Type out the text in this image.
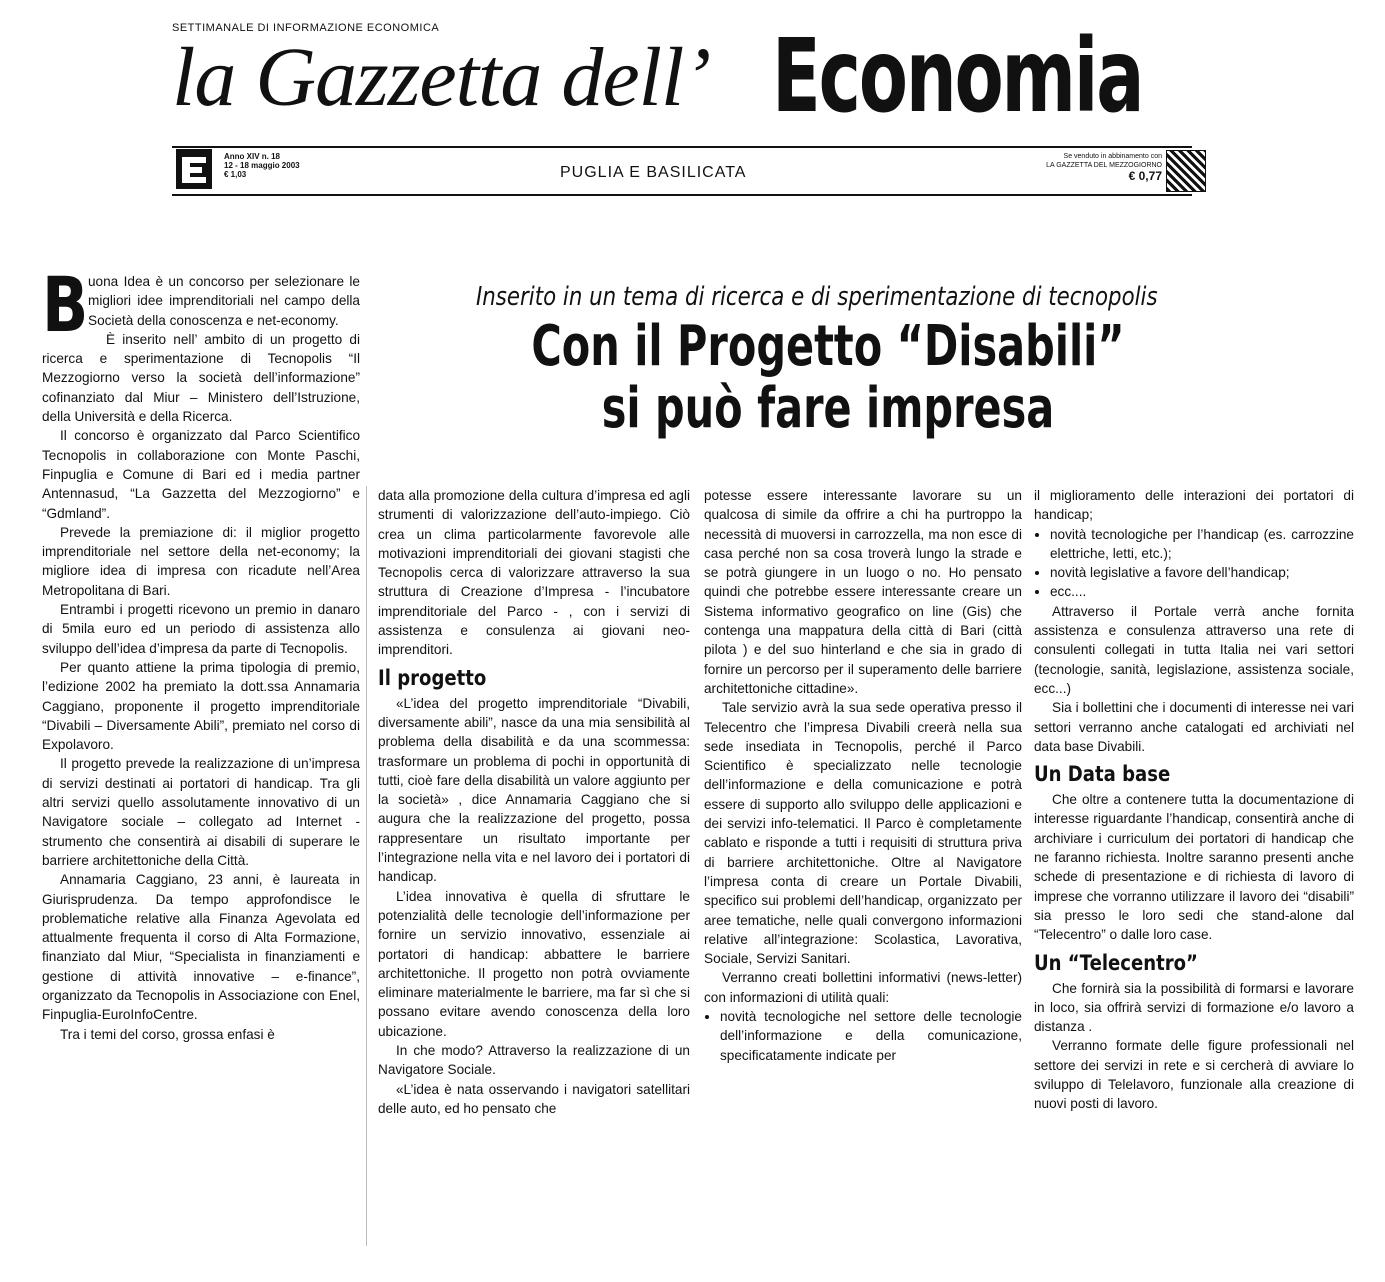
SETTIMANALE DI INFORMAZIONE ECONOMICA
la Gazzetta dell’ Economia
Anno XIV n. 18
12 - 18 maggio 2003
€ 1,03	PUGLIA E BASILICATA
Se venduto in abbinamento con
LA GAZZETTA DEL MEZZOGIORNO
€ 0,77
Inserito in un tema di ricerca e di sperimentazione di tecnopolis
Con il Progetto “Disabili”
si può fare impresa
B uona Idea è un concorso per selezionare le migliori idee imprenditoriali nel campo della Società della conoscenza e net-economy.

È inserito nell’ ambito di un progetto di ricerca e sperimentazione di Tecnopolis “Il Mezzogiorno verso la società dell’informazione” cofinanziato dal Miur – Ministero dell’Istruzione, della Università e della Ricerca.

Il concorso è organizzato dal Parco Scientifico Tecnopolis in collaborazione con Monte Paschi, Finpuglia e Comune di Bari ed i media partner Antennasud, “La Gazzetta del Mezzogiorno” e “Gdmland”.

Prevede la premiazione di: il miglior progetto imprenditoriale nel settore della net-economy; la migliore idea di impresa con ricadute nell’Area Metropolitana di Bari.

Entrambi i progetti ricevono un premio in danaro di 5mila euro ed un periodo di assistenza allo sviluppo dell’idea d’impresa da parte di Tecnopolis.

Per quanto attiene la prima tipologia di premio, l’edizione 2002 ha premiato la dott.ssa Annamaria Caggiano, proponente il progetto imprenditoriale “Divabili – Diversamente Abili”, premiato nel corso di Expolavoro.

Il progetto prevede la realizzazione di un’impresa di servizi destinati ai portatori di handicap. Tra gli altri servizi quello assolutamente innovativo di un Navigatore sociale – collegato ad Internet - strumento che consentirà ai disabili di superare le barriere architettoniche della Città.

Annamaria Caggiano, 23 anni, è laureata in Giurisprudenza. Da tempo approfondisce le problematiche relative alla Finanza Agevolata ed attualmente frequenta il corso di Alta Formazione, finanziato dal Miur, “Specialista in finanziamenti e gestione di attività innovative – e-finance”, organizzato da Tecnopolis in Associazione con Enel, Finpuglia-EuroInfoCentre.

Tra i temi del corso, grossa enfasi è

data alla promozione della cultura d’impresa ed agli strumenti di valorizzazione dell’auto-impiego. Ciò crea un clima particolarmente favorevole alle motivazioni imprenditoriali dei giovani stagisti che Tecnopolis cerca di valorizzare attraverso la sua struttura di Creazione d’Impresa - l’incubatore imprenditoriale del Parco - , con i servizi di assistenza e consulenza ai giovani neo-imprenditori.

Il progetto

«L’idea del progetto imprenditoriale “Divabili, diversamente abili”, nasce da una mia sensibilità al problema della disabilità e da una scommessa: trasformare un problema di pochi in opportunità di tutti, cioè fare della disabilità un valore aggiunto per la società» , dice Annamaria Caggiano che si augura che la realizzazione del progetto, possa rappresentare un risultato importante per l’integrazione nella vita e nel lavoro dei i portatori di handicap.

L’idea innovativa è quella di sfruttare le potenzialità delle tecnologie dell’informazione per fornire un servizio innovativo, essenziale ai portatori di handicap: abbattere le barriere architettoniche. Il progetto non potrà ovviamente eliminare materialmente le barriere, ma far sì che si possano evitare avendo conoscenza della loro ubicazione.

In che modo? Attraverso la realizzazione di un Navigatore Sociale.

«L’idea è nata osservando i navigatori satellitari delle auto, ed ho pensato che

potesse essere interessante lavorare su un qualcosa di simile da offrire a chi ha purtroppo la necessità di muoversi in carrozzella, ma non esce di casa perché non sa cosa troverà lungo la strade e se potrà giungere in un luogo o no. Ho pensato quindi che potrebbe essere interessante creare un Sistema informativo geografico on line (Gis) che contenga una mappatura della città di Bari (città pilota ) e del suo hinterland e che sia in grado di fornire un percorso per il superamento delle barriere architettoniche cittadine».

Tale servizio avrà la sua sede operativa presso il Telecentro che l’impresa Divabili creerà nella sua sede insediata in Tecnopolis, perché il Parco Scientifico è specializzato nelle tecnologie dell’informazione e della comunicazione e potrà essere di supporto allo sviluppo delle applicazioni e dei servizi info-telematici. Il Parco è completamente cablato e risponde a tutti i requisiti di struttura priva di barriere architettoniche. Oltre al Navigatore l’impresa conta di creare un Portale Divabili, specifico sui problemi dell’handicap, organizzato per aree tematiche, nelle quali convergono informazioni relative all’integrazione: Scolastica, Lavorativa, Sociale, Servizi Sanitari.

Verranno creati bollettini informativi (news-letter) con informazioni di utilità quali:

• novità tecnologiche nel settore delle tecnologie dell’informazione e della comunicazione, specificatamente indicate per

il miglioramento delle interazioni dei portatori di handicap;

• novità tecnologiche per l’handicap (es. carrozzine elettriche, letti, etc.);
• novità legislative a favore dell’handicap;
• ecc....

Attraverso il Portale verrà anche fornita assistenza e consulenza attraverso una rete di consulenti collegati in tutta Italia nei vari settori (tecnologie, sanità, legislazione, assistenza sociale, ecc...)

Sia i bollettini che i documenti di interesse nei vari settori verranno anche catalogati ed archiviati nel data base Divabili.

Un Data base

Che oltre a contenere tutta la documentazione di interesse riguardante l’handicap, consentirà anche di archiviare i curriculum dei portatori di handicap che ne faranno richiesta. Inoltre saranno presenti anche schede di presentazione e di richiesta di lavoro di imprese che vorranno utilizzare il lavoro dei “disabili” sia presso le loro sedi che stand-alone dal “Telecentro” o dalle loro case.

Un “Telecentro”

Che fornirà sia la possibilità di formarsi e lavorare in loco, sia offrirà servizi di formazione e/o lavoro a distanza .

Verranno formate delle figure professionali nel settore dei servizi in rete e si cercherà di avviare lo sviluppo di Telelavoro, funzionale alla creazione di nuovi posti di lavoro.
